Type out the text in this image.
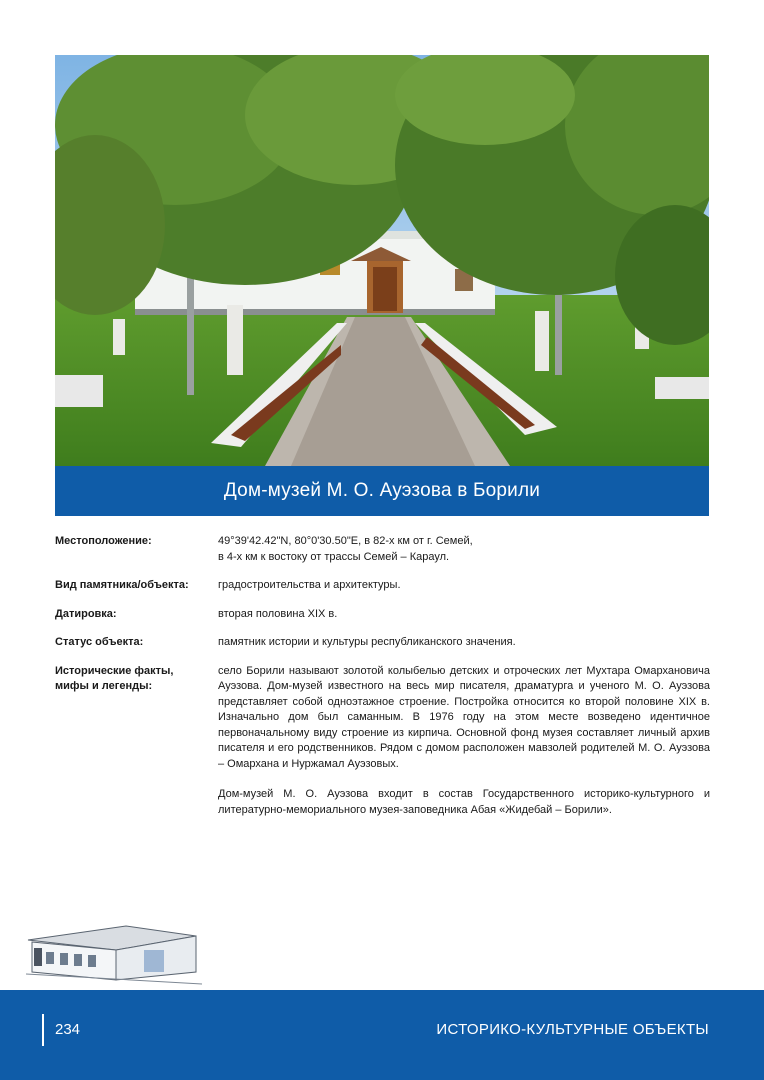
Дом-музей М. О. Ауэзова в Борили
Местоположение:	49°39'42.42"N, 80°0'30.50"E, в 82-х км от г. Семей,
в 4-х км к востоку от трассы Семей – Караул.
Вид памятника/объекта:	градостроительства и архитектуры.
Датировка:	вторая половина XIX в.
Статус объекта:	памятник истории и культуры республиканского значения.
Исторические факты, мифы и легенды:

село Борили называют золотой колыбелью детских и отроческих лет Мухтара Омархановича Ауэзова. Дом-музей известного на весь мир писателя, драматурга и ученого М. О. Ауэзова представляет собой одноэтажное строение. Постройка относится ко второй половине XIX в. Изначально дом был саманным. В 1976 году на этом месте возведено идентичное первоначальному виду строение из кирпича. Основной фонд музея составляет личный архив писателя и его родственников. Рядом с домом расположен мавзолей родителей М. О. Ауэзова – Омархана и Нуржамал Ауэзовых.

Дом-музей М. О. Ауэзова входит в состав Государственного историко-культурного и литературно-мемориального музея-заповедника Абая «Жидебай – Борили».

234	ИСТОРИКО-КУЛЬТУРНЫЕ ОБЪЕКТЫ
